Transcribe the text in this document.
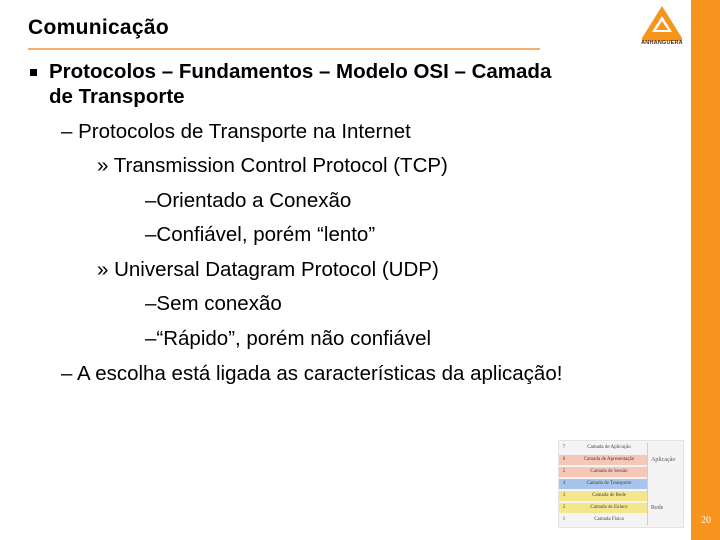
Comunicação
ANHANGUERA
Protocolos – Fundamentos – Modelo OSI – Camada
de Transporte
– Protocolos de Transporte na Internet
» Transmission Control Protocol (TCP)
–Orientado a Conexão
–Confiável, porém “lento”
» Universal Datagram Protocol (UDP)
–Sem conexão
–“Rápido”, porém não confiável
– A escolha está ligada as características da aplicação!
Aplicação
Rede
7	Camada de Aplicação
6	Camada de Apresentação
5	Camada de Sessão
4	Camada de Transporte
3	Camada de Rede
2	Camada de Enlace
1	Camada Física	20
